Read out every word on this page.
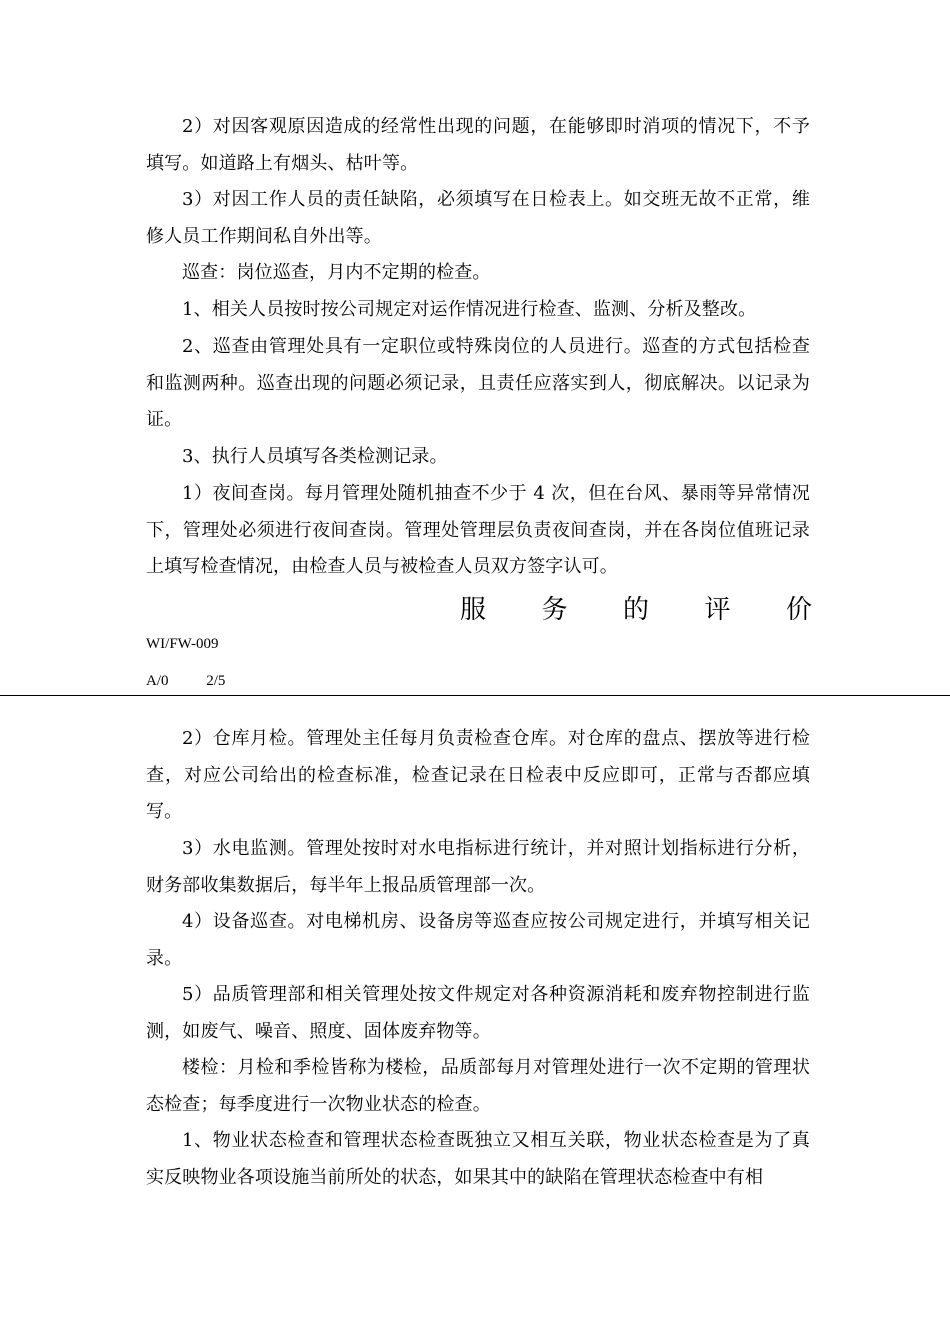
2）对因客观原因造成的经常性出现的问题，在能够即时消项的情况下，不予填写。如道路上有烟头、枯叶等。

3）对因工作人员的责任缺陷，必须填写在日检表上。如交班无故不正常，维修人员工作期间私自外出等。

巡查：岗位巡查，月内不定期的检查。

1、相关人员按时按公司规定对运作情况进行检查、监测、分析及整改。

2、巡查由管理处具有一定职位或特殊岗位的人员进行。巡查的方式包括检查和监测两种。巡查出现的问题必须记录，且责任应落实到人，彻底解决。以记录为证。

3、执行人员填写各类检测记录。

1）夜间查岗。每月管理处随机抽查不少于 4 次，但在台风、暴雨等异常情况下，管理处必须进行夜间查岗。管理处管理层负责夜间查岗，并在各岗位值班记录上填写检查情况，由检查人员与被检查人员双方签字认可。

服 务 的 评 价
WI/FW-009
A/0	2/5

2）仓库月检。管理处主任每月负责检查仓库。对仓库的盘点、摆放等进行检查，对应公司给出的检查标准，检查记录在日检表中反应即可，正常与否都应填写。

3）水电监测。管理处按时对水电指标进行统计，并对照计划指标进行分析，财务部收集数据后，每半年上报品质管理部一次。

4）设备巡查。对电梯机房、设备房等巡查应按公司规定进行，并填写相关记录。

5）品质管理部和相关管理处按文件规定对各种资源消耗和废弃物控制进行监测，如废气、噪音、照度、固体废弃物等。

楼检：月检和季检皆称为楼检，品质部每月对管理处进行一次不定期的管理状态检查；每季度进行一次物业状态的检查。

1、物业状态检查和管理状态检查既独立又相互关联，物业状态检查是为了真实反映物业各项设施当前所处的状态，如果其中的缺陷在管理状态检查中有相
